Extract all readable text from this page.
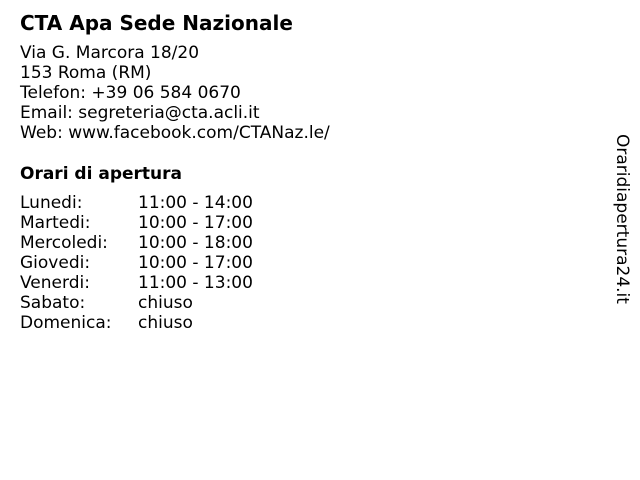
CTA Apa Sede Nazionale
Via G. Marcora 18/20
153 Roma (RM)
Telefon: +39 06 584 0670
Email: segreteria@cta.acli.it
Web: www.facebook.com/CTANaz.le/
Orari di apertura
Lunedi:	11:00 - 14:00
Martedi:	10:00 - 17:00
Mercoledi:	10:00 - 18:00
Giovedi:	10:00 - 17:00
Venerdi:	11:00 - 13:00
Sabato:	chiuso
Domenica:	chiuso
Oraridiapertura24.it
